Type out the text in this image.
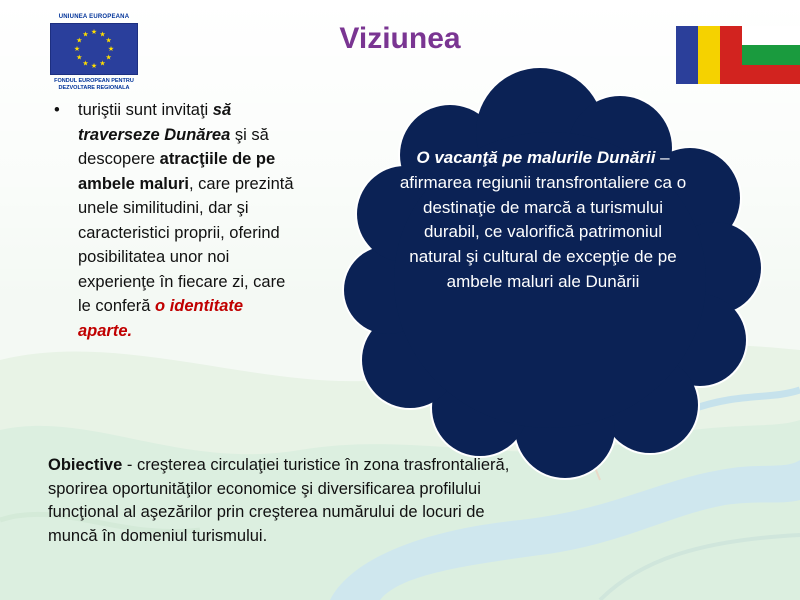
UNIUNEA EUROPEANA
★ ★
★
★
★
★
★
★
★
★
★
★
FONDUL EUROPEAN PENTRU
DEZVOLTARE REGIONALA
Viziunea
• turiştii sunt invitaţi să traverseze Dunărea şi să descopere atracţiile de pe ambele maluri, care prezintă unele similitudini, dar şi caracteristici proprii, oferind posibilitatea unor noi experienţe în fiecare zi, care le conferă o identitate aparte.
O vacanţă pe malurile Dunării –
afirmarea regiunii transfrontaliere ca o destinaţie de marcă a turismului durabil, ce valorifică patrimoniul natural şi cultural de excepţie de pe ambele maluri ale Dunării
Obiective - creşterea circulaţiei turistice în zona trasfrontalieră, sporirea oportunităţilor economice şi diversificarea profilului funcţional al aşezărilor prin creşterea numărului de locuri de muncă în domeniul turismului.
